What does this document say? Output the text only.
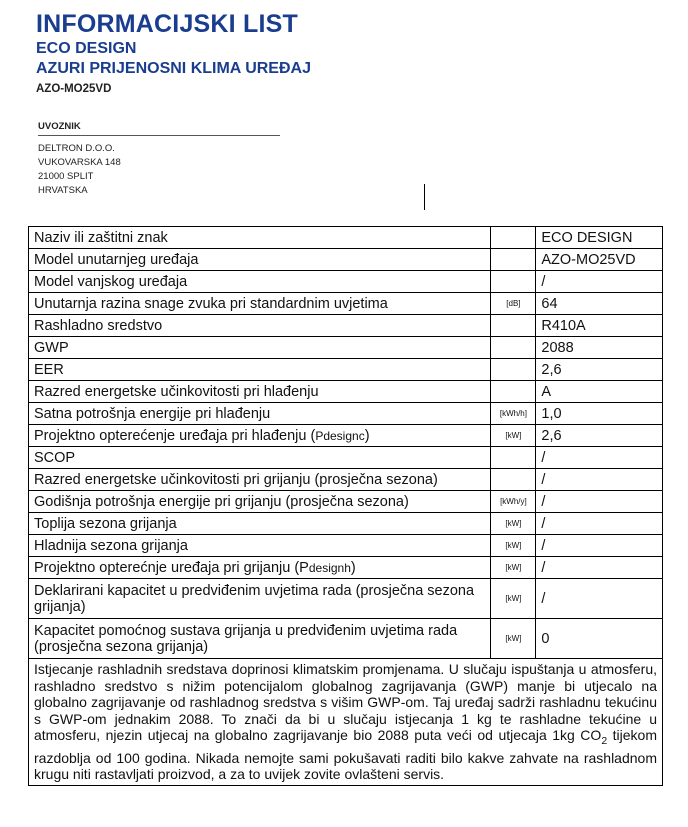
INFORMACIJSKI LIST
ECO DESIGN
AZURI PRIJENOSNI KLIMA UREĐAJ
AZO-MO25VD
UVOZNIK
DELTRON D.O.O.
VUKOVARSKA 148
21000 SPLIT
HRVATSKA
Naziv ili zaštitni znak		ECO DESIGN
Model unutarnjeg uređaja		AZO-MO25VD
Model vanjskog uređaja		/
Unutarnja razina snage zvuka pri standardnim uvjetima	[dB]	64
Rashladno sredstvo		R410A
GWP		2088
EER		2,6
Razred energetske učinkovitosti pri hlađenju		A
Satna potrošnja energije pri hlađenju	[kWh/h]	1,0
Projektno opterećenje uređaja pri hlađenju (Pdesignc)	[kW]	2,6
SCOP		/
Razred energetske učinkovitosti pri grijanju (prosječna sezona)		/
Godišnja potrošnja energije pri grijanju (prosječna sezona)	[kWh/y]	/
Toplija sezona grijanja	[kW]	/
Hladnija sezona grijanja	[kW]	/
Projektno opterećnje uređaja pri grijanju (Pdesignh)	[kW]	/
Deklarirani kapacitet u predviđenim uvjetima rada (prosječna sezona grijanja)	[kW]	/
Kapacitet pomoćnog sustava grijanja u predviđenim uvjetima rada (prosječna sezona grijanja)	[kW]	0
Istjecanje rashladnih sredstava doprinosi klimatskim promjenama. U slučaju ispuštanja u atmosferu, rashladno sredstvo s nižim potencijalom globalnog zagrijavanja (GWP) manje bi utjecalo na globalno zagrijavanje od rashladnog sredstva s višim GWP-om. Taj uređaj sadrži rashladnu tekućinu s GWP-om jednakim 2088. To znači da bi u slučaju istjecanja 1 kg te rashladne tekućine u atmosferu, njezin utjecaj na globalno zagrijavanje bio 2088 puta veći od utjecaja 1kg $CO_2$ tijekom razdoblja od 100 godina. Nikada nemojte sami pokušavati raditi bilo kakve zahvate na rashladnom krugu niti rastavljati proizvod, a za to uvijek zovite ovlašteni servis.		
